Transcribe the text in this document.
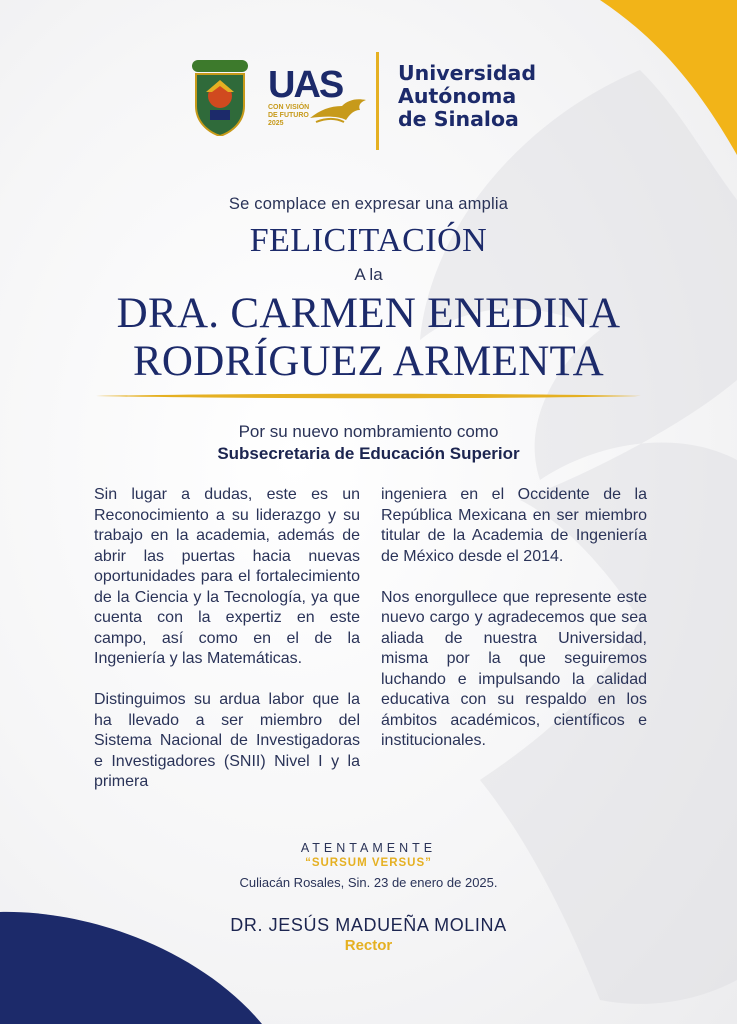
UAS
CON VISIÓN DE FUTURO 2025
Universidad
Autónoma
de Sinaloa
Se complace en expresar una amplia
FELICITACIÓN
A la
DRA. CARMEN ENEDINA
RODRÍGUEZ ARMENTA
Por su nuevo nombramiento como
Subsecretaria de Educación Superior

Sin lugar a dudas, este es un Reconocimiento a su liderazgo y su trabajo en la academia, además de abrir las puertas hacia nuevas oportunidades para el fortalecimiento de la Ciencia y la Tecnología, ya que cuenta con la expertiz en este campo, así como en el de la Ingeniería y las Matemáticas.

Distinguimos su ardua labor que la ha llevado a ser miembro del Sistema Nacional de Investigadoras e Investigadores (SNII) Nivel I y la primera

ingeniera en el Occidente de la República Mexicana en ser miembro titular de la Academia de Ingeniería de México desde el 2014.

Nos enorgullece que represente este nuevo cargo y agradecemos que sea aliada de nuestra Universidad, misma por la que seguiremos luchando e impulsando la calidad educativa con su respaldo en los ámbitos académicos, científicos e institucionales.

ATENTAMENTE
“SURSUM VERSUS”
Culiacán Rosales, Sin. 23 de enero de 2025.
DR. JESÚS MADUEÑA MOLINA
Rector
